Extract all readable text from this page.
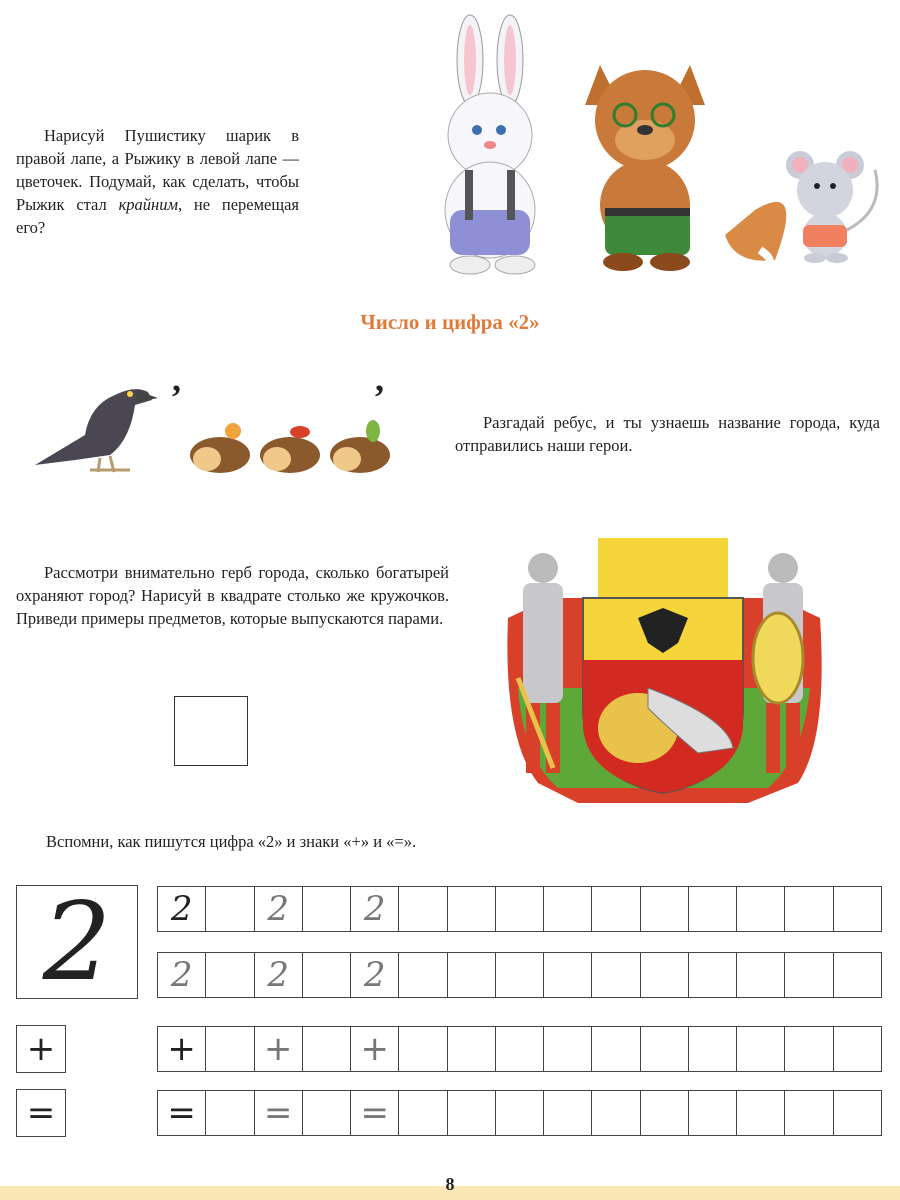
Нарисуй Пушистику шарик в правой лапе, а Рыжику в левой лапе — цветочек. Подумай, как сделать, чтобы Рыжик стал крайним, не перемещая его?

Число и цифра «2»
,	,

Разгадай ребус, и ты узнаешь название города, куда отправились наши герои.

Рассмотри внимательно герб города, сколько богатырей охраняют город? Нарисуй в квадрате столько же кружочков. Приведи примеры предметов, которые выпускаются парами.

Вспомни, как пишутся цифра «2» и знаки «+» и «=».

2
+
=
2	2	2
2	2	2
+	+	+
=	=	=
8
